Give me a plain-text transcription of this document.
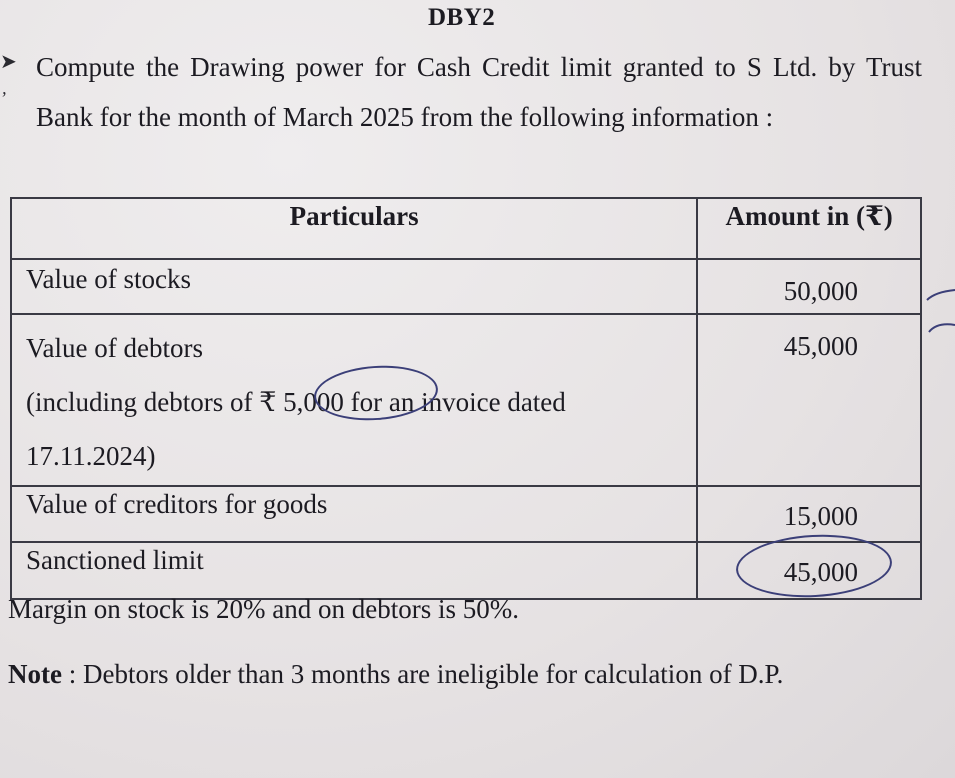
DBY2
➤
’
Compute the Drawing power for Cash Credit limit granted to S Ltd. by Trust Bank for the month of March 2025 from the following information :
Particulars	Amount in (₹)

Value of stocks	50,000

Value of debtors
(including debtors of ₹ 5,000 for an invoice dated 17.11.2024)	45,000

Value of creditors for goods	15,000

Sanctioned limit	45,000
Margin on stock is 20% and on debtors is 50%.
Note : Debtors older than 3 months are ineligible for calculation of D.P.
